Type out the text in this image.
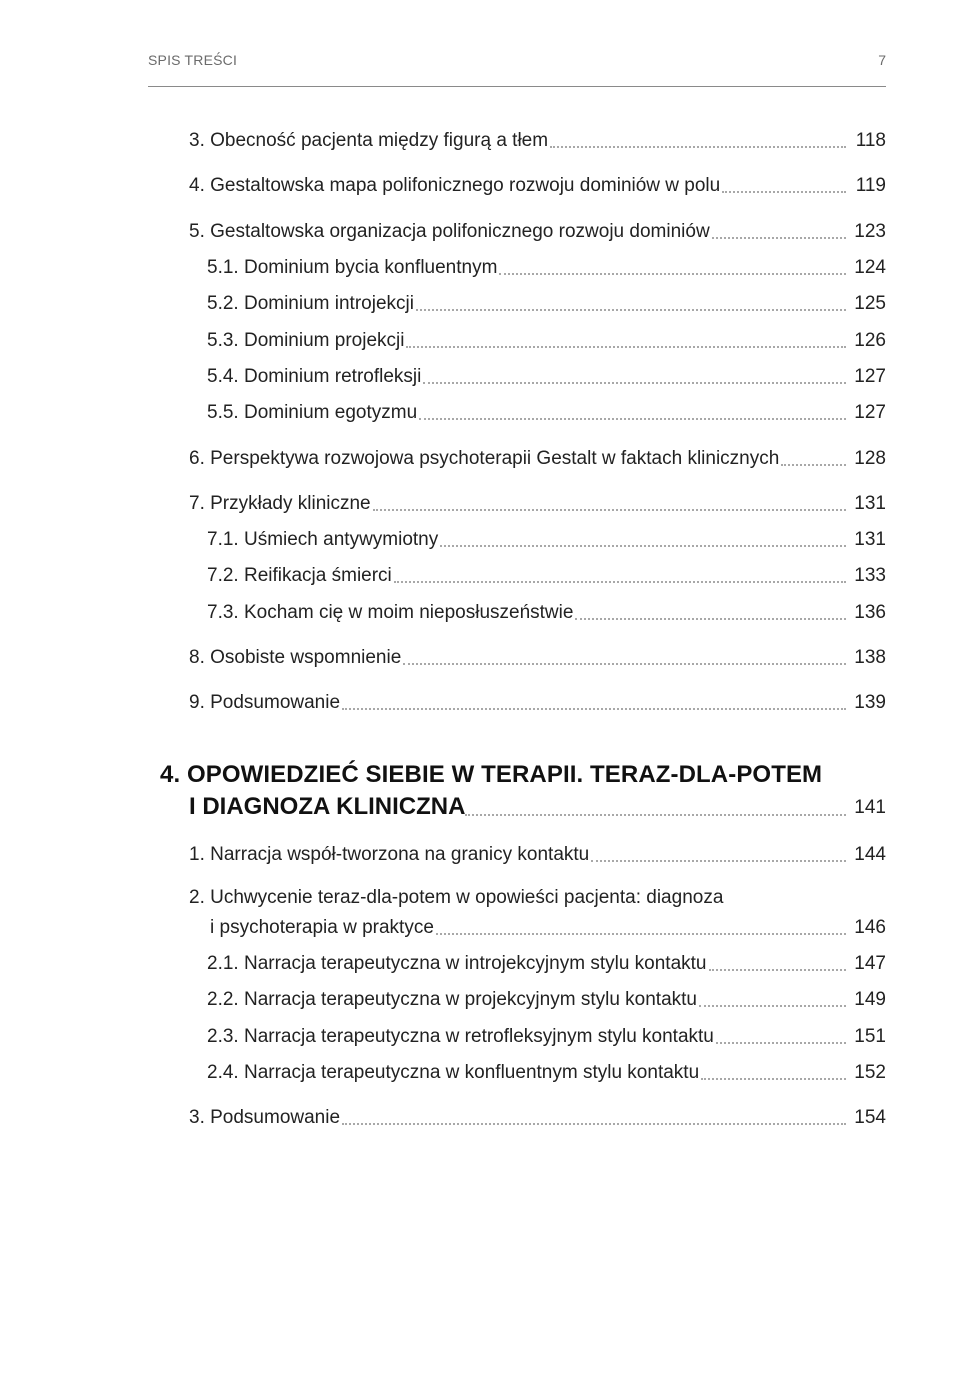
SPIS TREŚCI	7
3. Obecność pacjenta między figurą a tłem	118
4. Gestaltowska mapa polifonicznego rozwoju dominiów w polu	119
5. Gestaltowska organizacja polifonicznego rozwoju dominiów	123
5.1. Dominium bycia konfluentnym	124
5.2. Dominium introjekcji	125
5.3. Dominium projekcji	126
5.4. Dominium retrofleksji	127
5.5. Dominium egotyzmu	127
6. Perspektywa rozwojowa psychoterapii Gestalt w faktach klinicznych	128
7. Przykłady kliniczne	131
7.1. Uśmiech antywymiotny	131
7.2. Reifikacja śmierci	133
7.3. Kocham cię w moim nieposłuszeństwie	136
8. Osobiste wspomnienie	138
9. Podsumowanie	139
4. OPOWIEDZIEĆ SIEBIE W TERAPII. TERAZ-DLA-POTEM
I DIAGNOZA KLINICZNA	141
1. Narracja współ-tworzona na granicy kontaktu	144
2. Uchwycenie teraz-dla-potem w opowieści pacjenta: diagnoza
i psychoterapia w praktyce	146
2.1. Narracja terapeutyczna w introjekcyjnym stylu kontaktu	147
2.2. Narracja terapeutyczna w projekcyjnym stylu kontaktu	149
2.3. Narracja terapeutyczna w retrofleksyjnym stylu kontaktu	151
2.4. Narracja terapeutyczna w konfluentnym stylu kontaktu	152
3. Podsumowanie	154
